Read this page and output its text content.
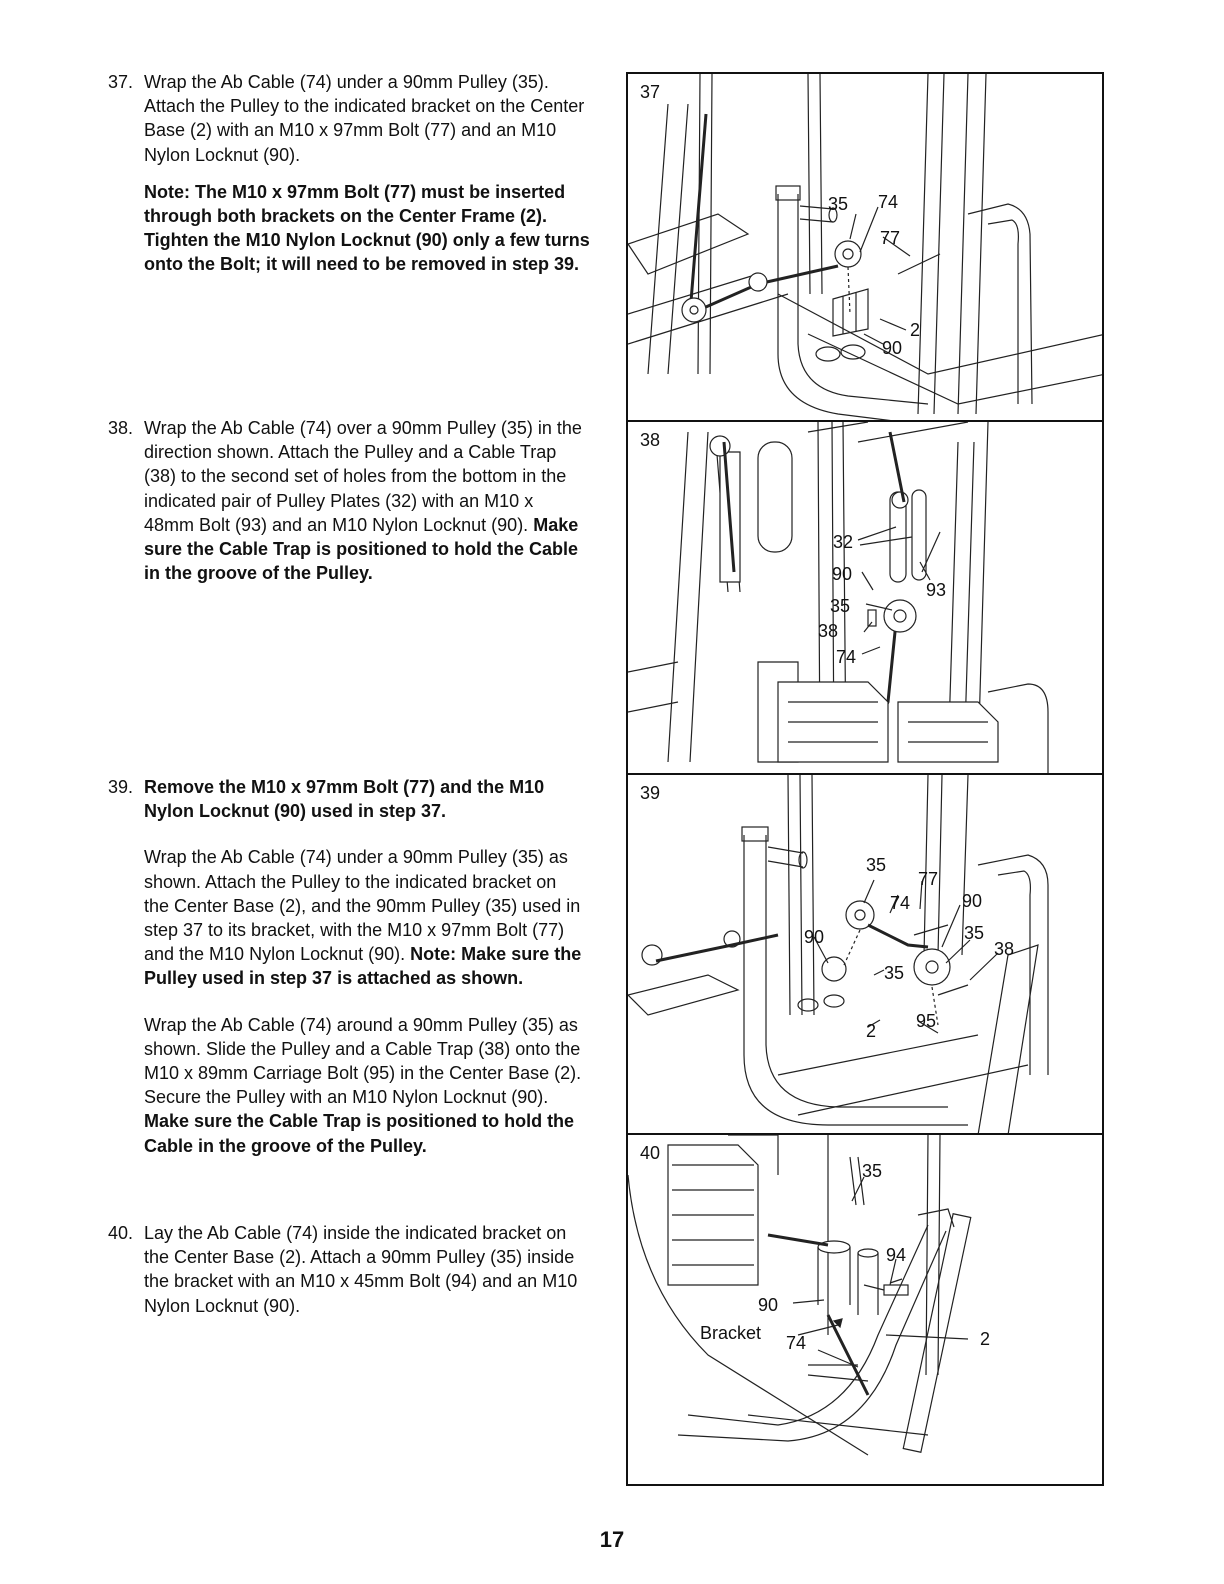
37. Wrap the Ab Cable (74) under a 90mm Pulley (35). Attach the Pulley to the indicated bracket on the Center Base (2) with an M10 x 97mm Bolt (77) and an M10 Nylon Locknut (90).

Note: The M10 x 97mm Bolt (77) must be inserted through both brackets on the Center Frame (2). Tighten the M10 Nylon Locknut (90) only a few turns onto the Bolt; it will need to be removed in step 39.

38. Wrap the Ab Cable (74) over a 90mm Pulley (35) in the direction shown. Attach the Pulley and a Cable Trap (38) to the second set of holes from the bottom in the indicated pair of Pulley Plates (32) with an M10 x 48mm Bolt (93) and an M10 Nylon Locknut (90). Make sure the Cable Trap is positioned to hold the Cable in the groove of the Pulley.

39. Remove the M10 x 97mm Bolt (77) and the M10 Nylon Locknut (90) used in step 37.

Wrap the Ab Cable (74) under a 90mm Pulley (35) as shown. Attach the Pulley to the indicated bracket on the Center Base (2), and the 90mm Pulley (35) used in step 37 to its bracket, with the M10 x 97mm Bolt (77) and the M10 Nylon Locknut (90). Note: Make sure the Pulley used in step 37 is attached as shown.

Wrap the Ab Cable (74) around a 90mm Pulley (35) as shown. Slide the Pulley and a Cable Trap (38) onto the M10 x 89mm Carriage Bolt (95) in the Center Base (2). Secure the Pulley with an M10 Nylon Locknut (90). Make sure the Cable Trap is positioned to hold the Cable in the groove of the Pulley.

40. Lay the Ab Cable (74) inside the indicated bracket on the Center Base (2). Attach a 90mm Pulley (35) inside the bracket with an M10 x 45mm Bolt (94) and an M10 Nylon Locknut (90).

35 74
77
2
90
37
32
90
93
35
38
74
38
35
77
74	90
90	35
38
35
2 95
39
35
94
90
Bracket 74	2
40
17
